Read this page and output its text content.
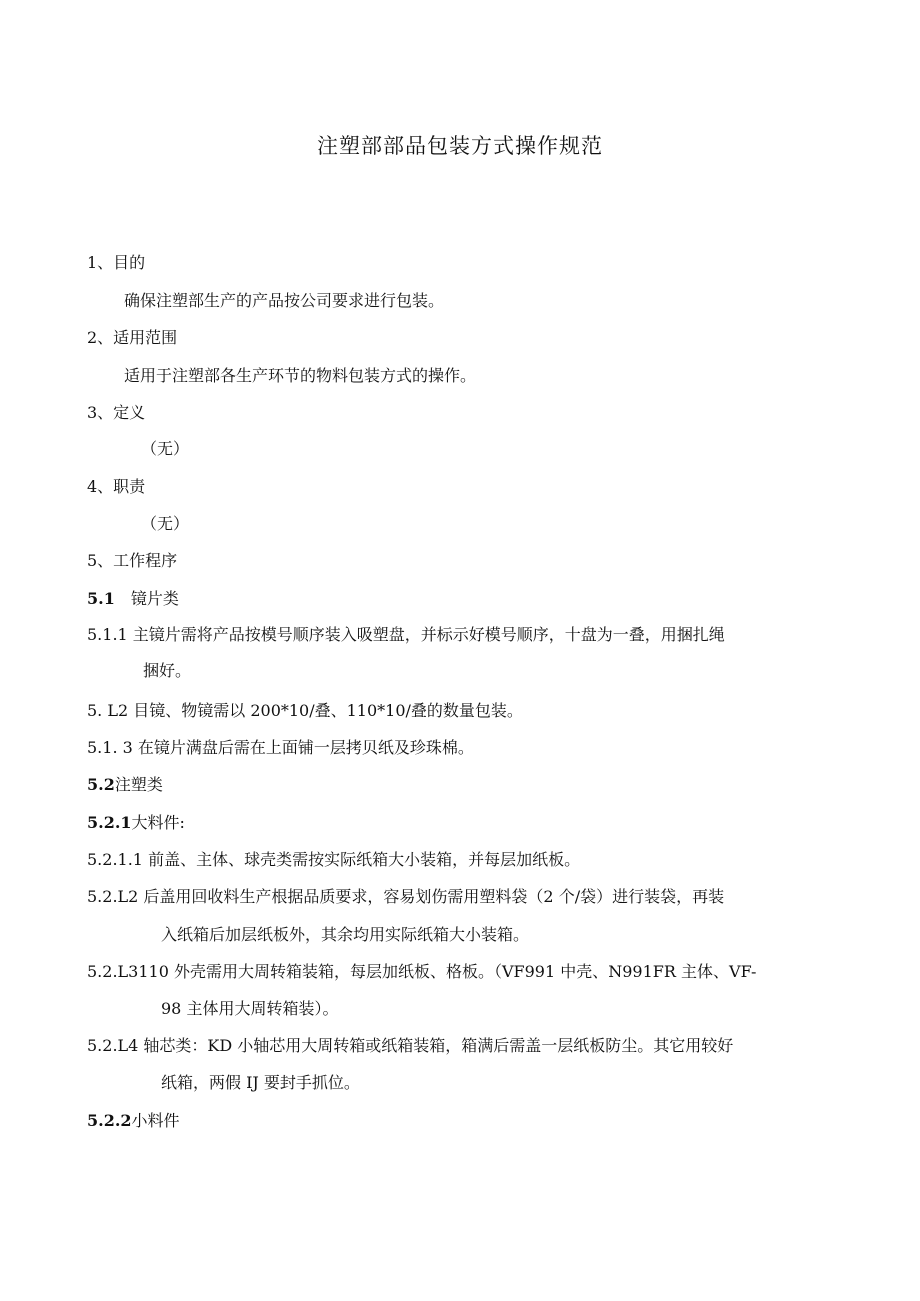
注塑部部品包装方式操作规范
1、目的
确保注塑部生产的产品按公司要求进行包装。
2、适用范围
适用于注塑部各生产环节的物料包装方式的操作。
3、定义
（无）
4、职责
（无）
5、工作程序
5.1 镜片类
5.1.1 主镜片需将产品按模号顺序装入吸塑盘，并标示好模号顺序，十盘为一叠，用捆扎绳
捆好。
5. L2 目镜、物镜需以 200*10/叠、110*10/叠的数量包装。
5.1. 3 在镜片满盘后需在上面铺一层拷贝纸及珍珠棉。
5.2注塑类
5.2.1大料件:
5.2.1.1 前盖、主体、球壳类需按实际纸箱大小装箱，并每层加纸板。
5.2.L2 后盖用回收料生产根据品质要求，容易划伤需用塑料袋（2 个/袋）进行装袋，再装
入纸箱后加层纸板外，其余均用实际纸箱大小装箱。
5.2.L3110 外壳需用大周转箱装箱，每层加纸板、格板。（VF991 中壳、N991FR 主体、VF-
98 主体用大周转箱装）。
5.2.L4 轴芯类：KD 小轴芯用大周转箱或纸箱装箱，箱满后需盖一层纸板防尘。其它用较好
纸箱，两假 IJ 要封手抓位。
5.2.2小料件
